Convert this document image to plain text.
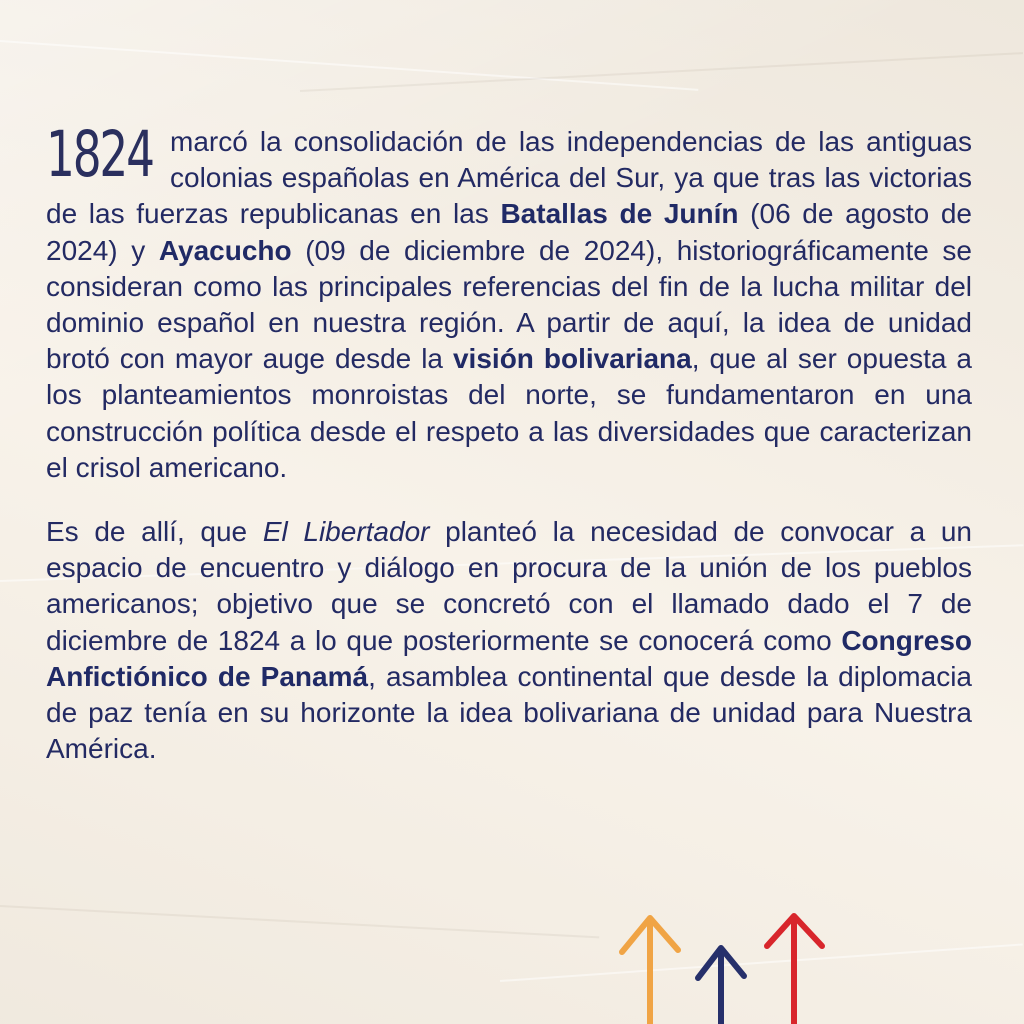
1824 marcó la consolidación de las independencias de las antiguas colonias españolas en América del Sur, ya que tras las victorias de las fuerzas republicanas en las Batallas de Junín (06 de agosto de 2024) y Ayacucho (09 de diciembre de 2024), historiográficamente se consideran como las principales referencias del fin de la lucha militar del dominio español en nuestra región. A partir de aquí, la idea de unidad brotó con mayor auge desde la visión bolivariana, que al ser opuesta a los planteamientos monroistas del norte, se fundamentaron en una construcción política desde el respeto a las diversidades que caracterizan el crisol americano.

Es de allí, que El Libertador planteó la necesidad de convocar a un espacio de encuentro y diálogo en procura de la unión de los pueblos americanos; objetivo que se concretó con el llamado dado el 7 de diciembre de 1824 a lo que posteriormente se conocerá como Congreso Anfictiónico de Panamá, asamblea continental que desde la diplomacia de paz tenía en su horizonte la idea bolivariana de unidad para Nuestra América.
